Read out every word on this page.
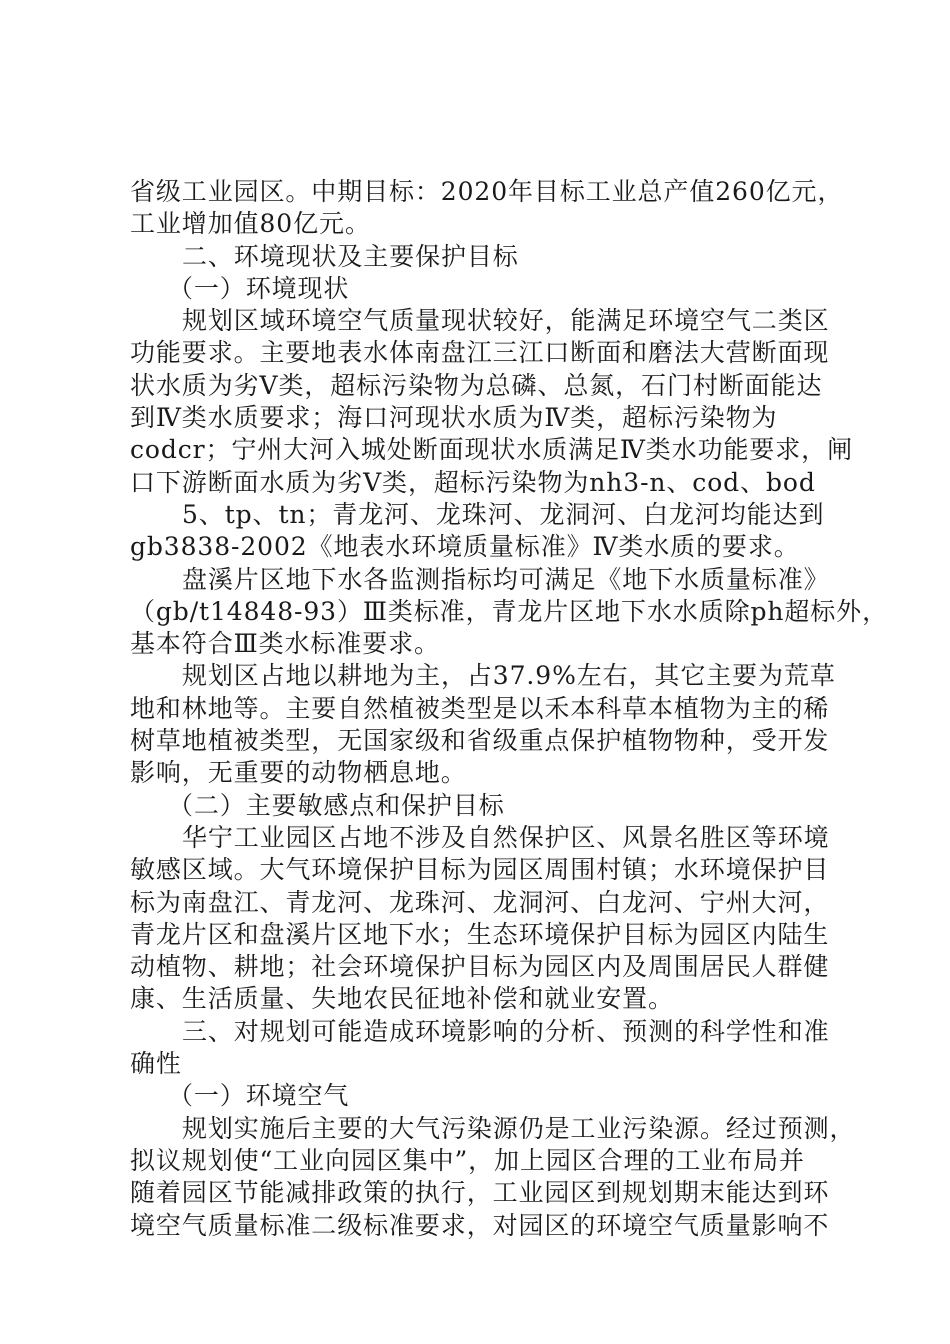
省级工业园区。中期目标：2020年目标工业总产值260亿元，
工业增加值80亿元。
二、环境现状及主要保护目标
（一）环境现状
规划区域环境空气质量现状较好，能满足环境空气二类区
功能要求。主要地表水体南盘江三江口断面和磨法大营断面现
状水质为劣Ⅴ类，超标污染物为总磷、总氮，石门村断面能达
到Ⅳ类水质要求；海口河现状水质为Ⅳ类，超标污染物为
codcr；宁州大河入城处断面现状水质满足Ⅳ类水功能要求，闸
口下游断面水质为劣Ⅴ类，超标污染物为nh3-n、cod、bod
5、tp、tn；青龙河、龙珠河、龙洞河、白龙河均能达到
gb3838-2002《地表水环境质量标准》Ⅳ类水质的要求。
盘溪片区地下水各监测指标均可满足《地下水质量标准》
（gb/t14848-93）Ⅲ类标准，青龙片区地下水水质除ph超标外，
基本符合Ⅲ类水标准要求。
规划区占地以耕地为主，占37.9%左右，其它主要为荒草
地和林地等。主要自然植被类型是以禾本科草本植物为主的稀
树草地植被类型，无国家级和省级重点保护植物物种，受开发
影响，无重要的动物栖息地。
（二）主要敏感点和保护目标
华宁工业园区占地不涉及自然保护区、风景名胜区等环境
敏感区域。大气环境保护目标为园区周围村镇；水环境保护目
标为南盘江、青龙河、龙珠河、龙洞河、白龙河、宁州大河，
青龙片区和盘溪片区地下水；生态环境保护目标为园区内陆生
动植物、耕地；社会环境保护目标为园区内及周围居民人群健
康、生活质量、失地农民征地补偿和就业安置。
三、对规划可能造成环境影响的分析、预测的科学性和准
确性
（一）环境空气
规划实施后主要的大气污染源仍是工业污染源。经过预测，
拟议规划使“工业向园区集中”，加上园区合理的工业布局并
随着园区节能减排政策的执行，工业园区到规划期末能达到环
境空气质量标准二级标准要求，对园区的环境空气质量影响不
